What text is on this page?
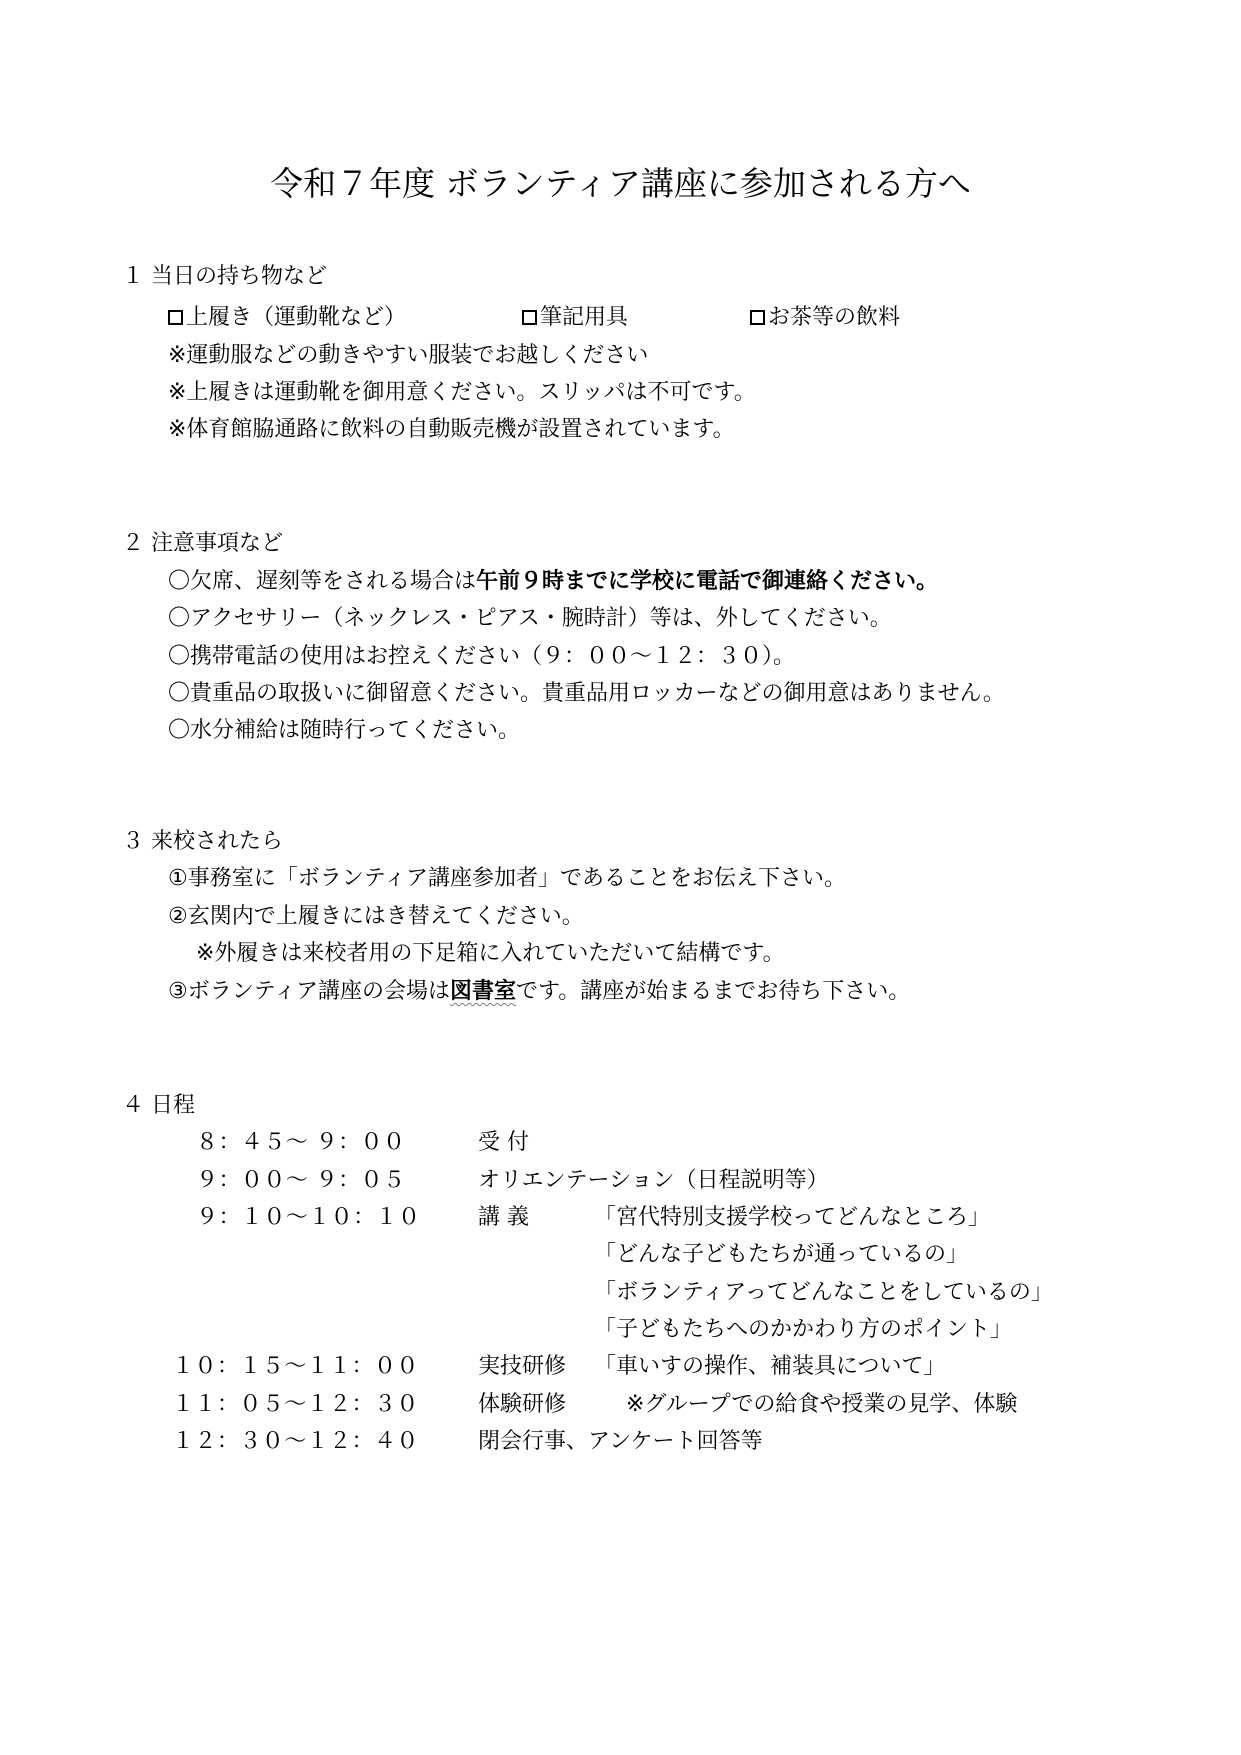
令和７年度 ボランティア講座に参加される方へ
１ 当日の持ち物など
上履き（運動靴など）	筆記用具	お茶等の飲料
※運動服などの動きやすい服装でお越しください
※上履きは運動靴を御用意ください。スリッパは不可です。
※体育館脇通路に飲料の自動販売機が設置されています。
２ 注意事項など
〇欠席、遅刻等をされる場合は午前９時までに学校に電話で御連絡ください。
〇アクセサリー（ネックレス・ピアス・腕時計）等は、外してください。
〇携帯電話の使用はお控えください（９：００～１２：３０）。
〇貴重品の取扱いに御留意ください。貴重品用ロッカーなどの御用意はありません。
〇水分補給は随時行ってください。
３ 来校されたら
①事務室に「ボランティア講座参加者」であることをお伝え下さい。
②玄関内で上履きにはき替えてください。
※外履きは来校者用の下足箱に入れていただいて結構です。
③ボランティア講座の会場は図書室です。講座が始まるまでお待ち下さい。
４ 日程
８：４５～ ９：００	受 付
９：００～ ９：０５	オリエンテーション（日程説明等）
９：１０～１０：１０	講 義	「宮代特別支援学校ってどんなところ」
「どんな子どもたちが通っているの」
「ボランティアってどんなことをしているの」
「子どもたちへのかかわり方のポイント」
１０：１５～１１：００	実技研修 「車いすの操作、補装具について」
１１：０５～１２：３０	体験研修	※グループでの給食や授業の見学、体験
１２：３０～１２：４０	閉会行事、アンケート回答等
